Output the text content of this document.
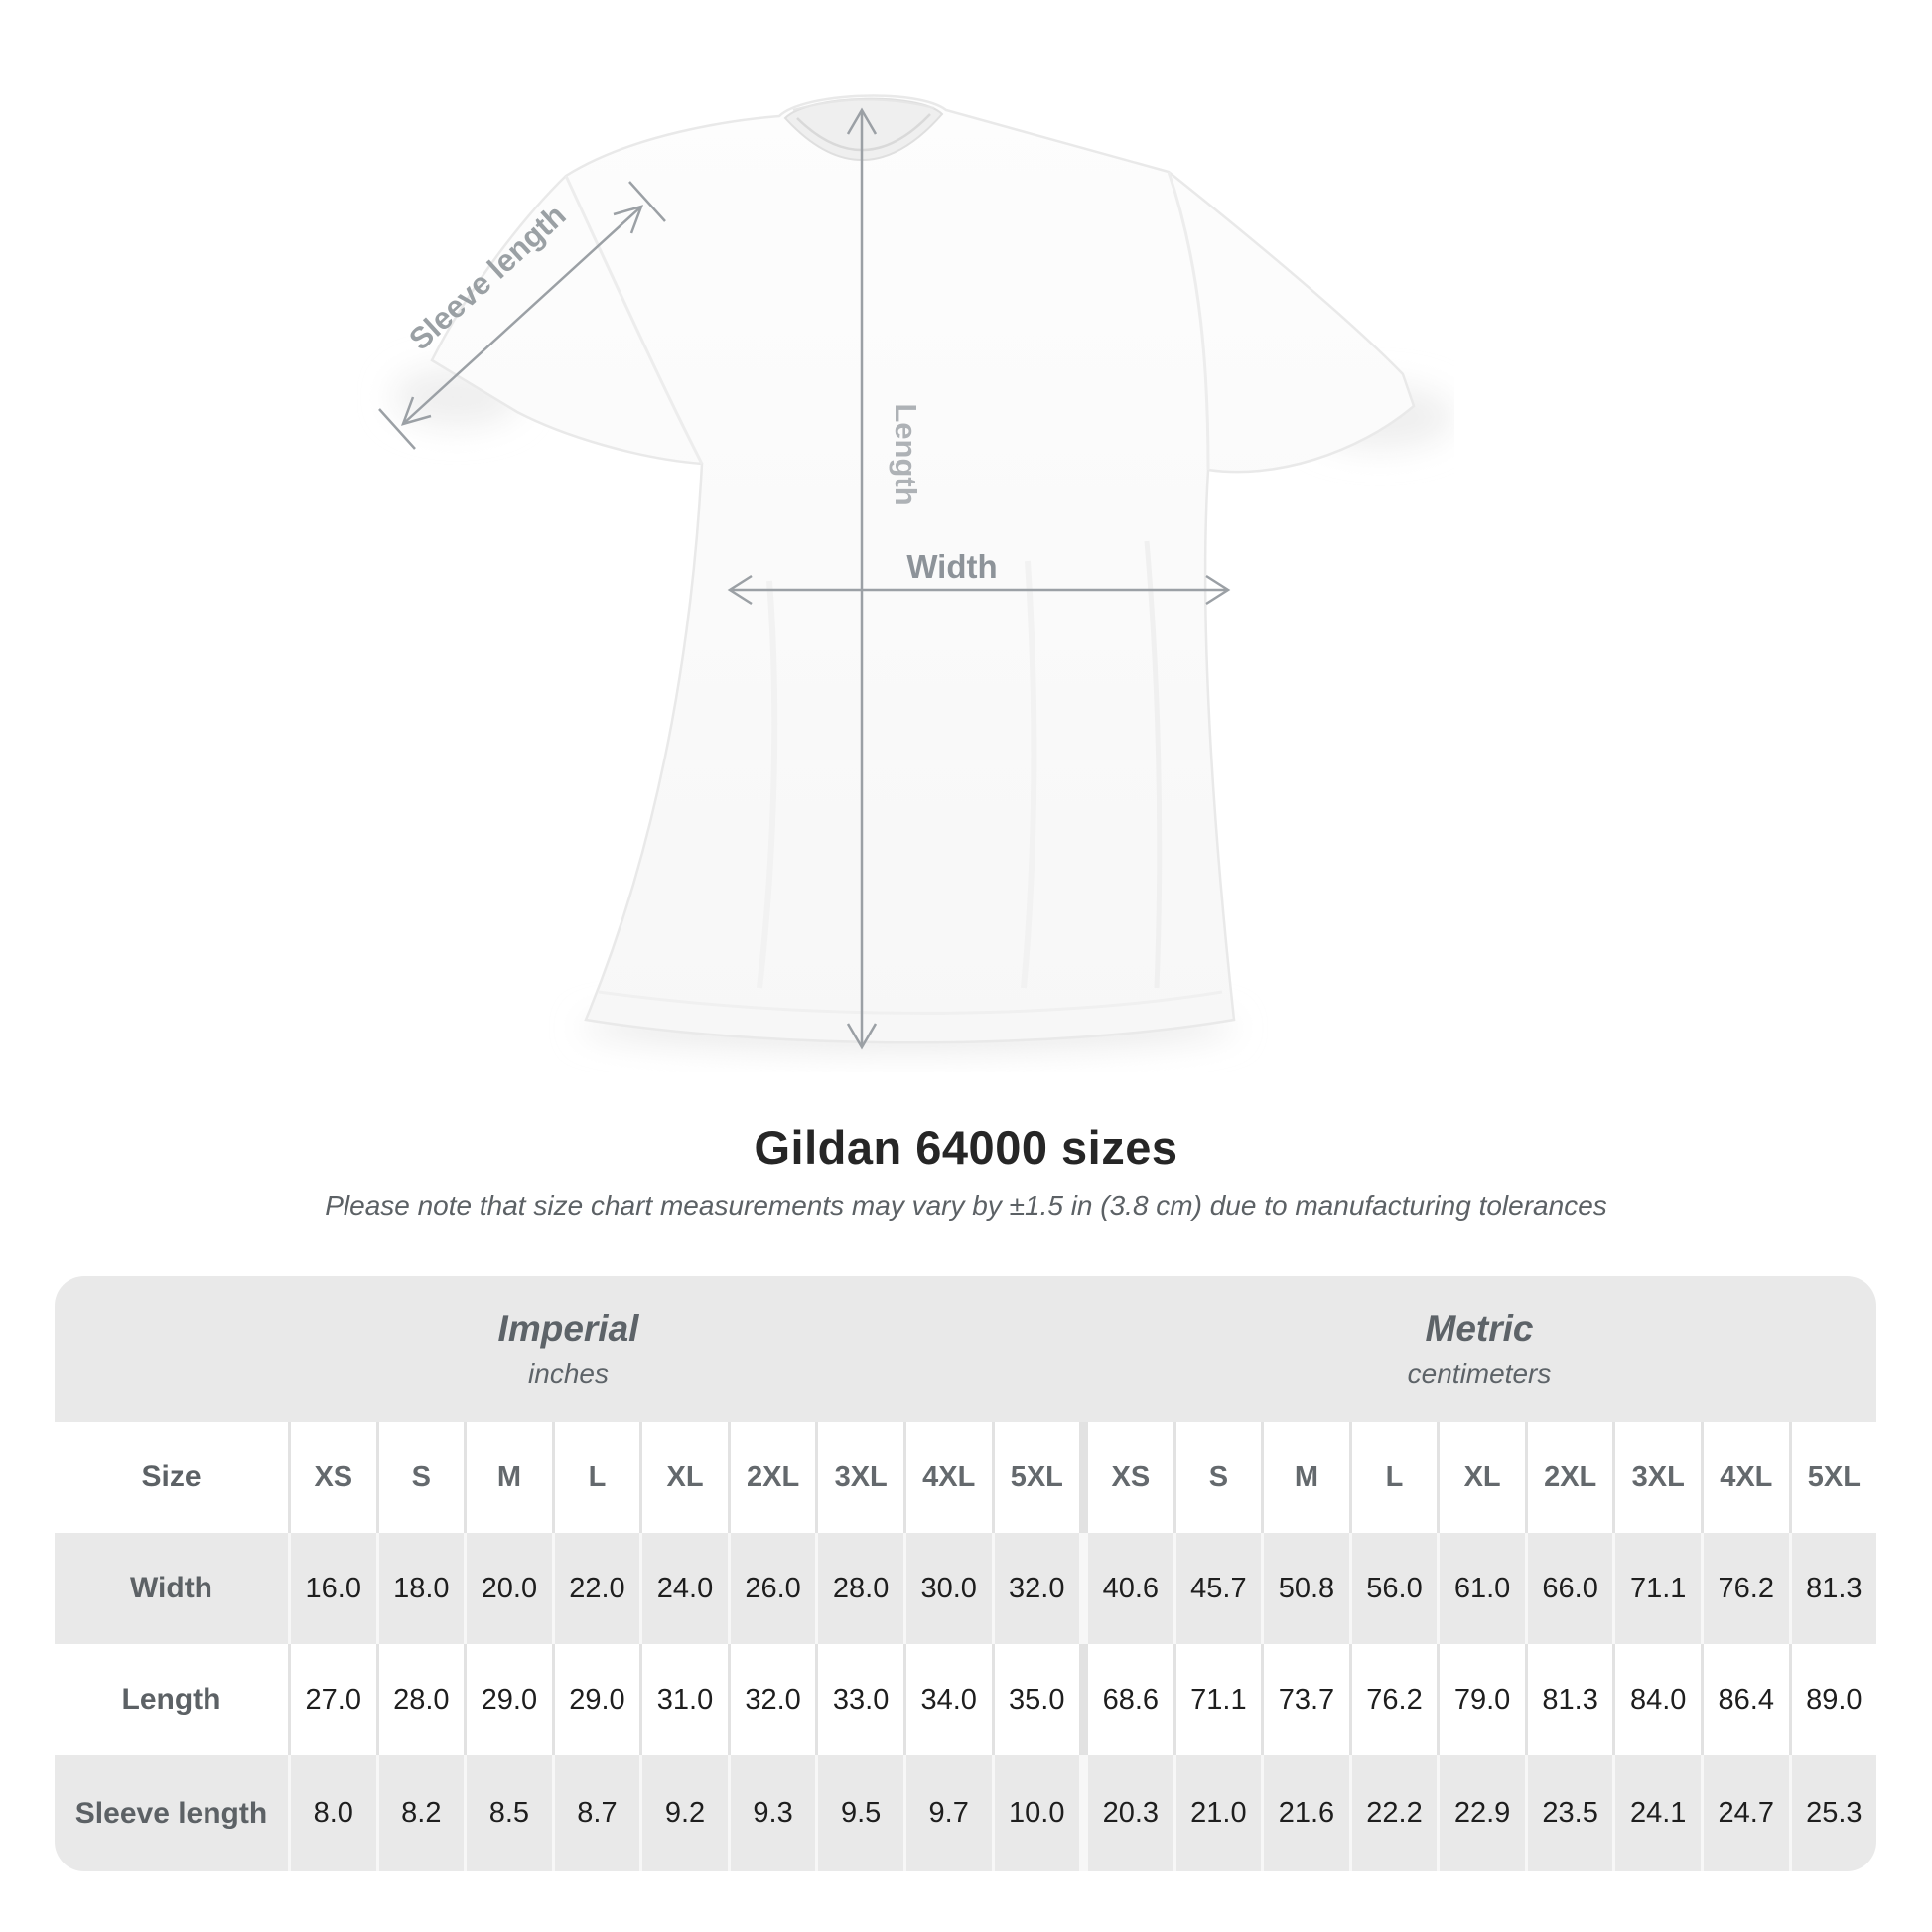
Sleeve length
Length
Width
Gildan 64000 sizes

Please note that size chart measurements may vary by ±1.5 in (3.8 cm) due to manufacturing tolerances

Imperial
inches
Metric
centimeters
Size	XS	S	M	L	XL	2XL	3XL	4XL	5XL	XS	S	M	L	XL	2XL	3XL	4XL	5XL
Width	16.0	18.0	20.0	22.0	24.0	26.0	28.0	30.0	32.0	40.6	45.7	50.8	56.0	61.0	66.0	71.1	76.2	81.3
Length	27.0	28.0	29.0	29.0	31.0	32.0	33.0	34.0	35.0	68.6	71.1	73.7	76.2	79.0	81.3	84.0	86.4	89.0
Sleeve length	8.0	8.2	8.5	8.7	9.2	9.3	9.5	9.7	10.0	20.3	21.0	21.6	22.2	22.9	23.5	24.1	24.7	25.3
